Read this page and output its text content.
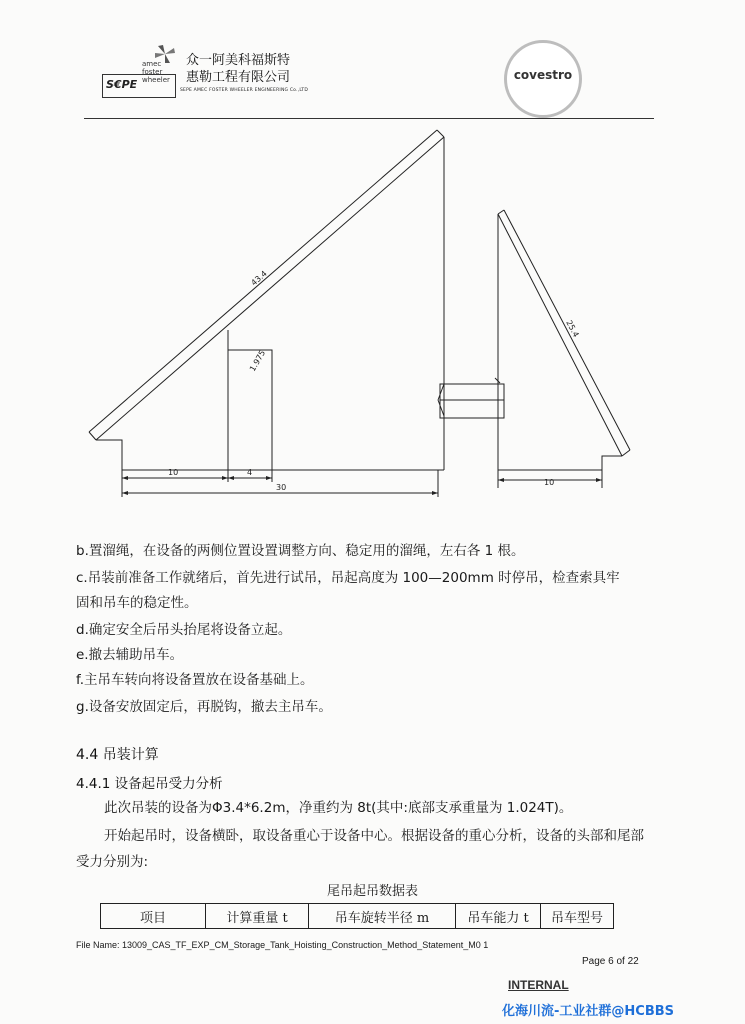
amec
foster
wheeler
S€PE
众一阿美科福斯特
惠勒工程有限公司
SEPE AMEC FOSTER WHEELER ENGINEERING Co.,LTD
covestro
43.4
25.4
1.975
10	4
30
10
b.置溜绳，在设备的两侧位置设置调整方向、稳定用的溜绳，左右各 1 根。
c.吊装前准备工作就绪后，首先进行试吊，吊起高度为 100—200mm 时停吊，检查索具牢
固和吊车的稳定性。
d.确定安全后吊头抬尾将设备立起。
e.撤去辅助吊车。
f.主吊车转向将设备置放在设备基础上。
g.设备安放固定后，再脱钩，撤去主吊车。
4.4 吊装计算
4.4.1 设备起吊受力分析
此次吊装的设备为Φ3.4*6.2m，净重约为 8t(其中:底部支承重量为 1.024T)。
开始起吊时，设备横卧，取设备重心于设备中心。根据设备的重心分析，设备的头部和尾部
受力分别为:
尾吊起吊数据表
项目	计算重量 t	吊车旋转半径 m	吊车能力 t	吊车型号
File Name: 13009_CAS_TF_EXP_CM_Storage_Tank_Hoisting_Construction_Method_Statement_M0 1
Page 6 of 22
INTERNAL
化海川流-工业社群@HCBBS
